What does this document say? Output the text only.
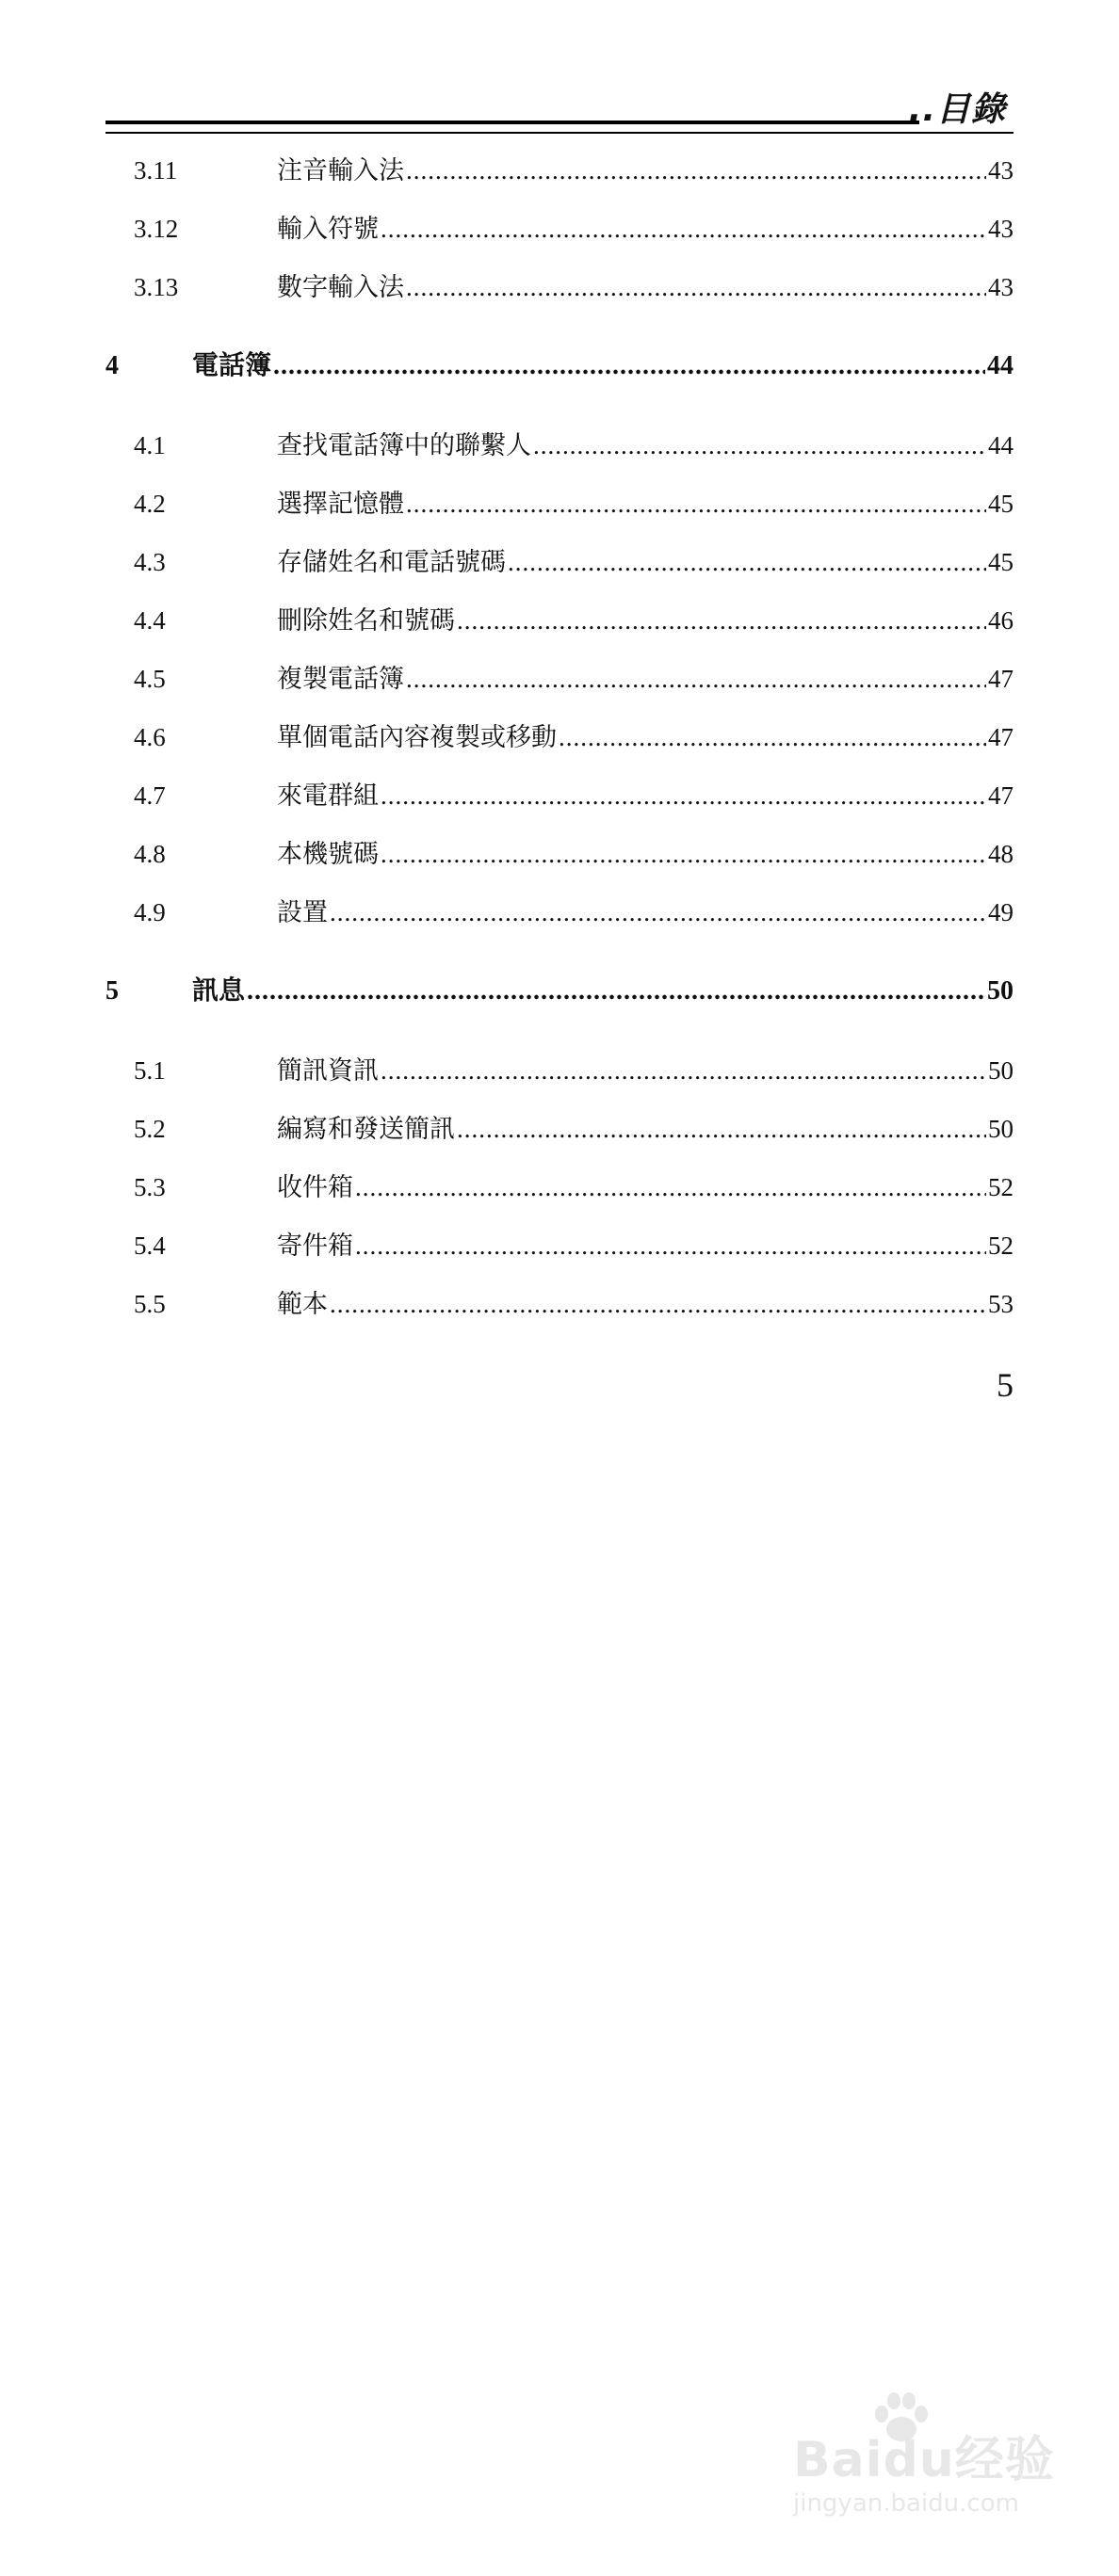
..目錄
3.11	注音輸入法 .....	43
3.12	輸入符號 .....	43
3.13	數字輸入法 .....	43
4	電話簿 .....	44
4.1	查找電話簿中的聯繫人 .....	44
4.2	選擇記憶體 .....	45
4.3	存儲姓名和電話號碼 .....	45
4.4	刪除姓名和號碼 .....	46
4.5	複製電話簿 .....	47
4.6	單個電話內容複製或移動 .....	47
4.7	來電群組 .....	47
4.8	本機號碼 .....	48
4.9	設置 .....	49
5	訊息 .....	50
5.1	簡訊資訊 .....	50
5.2	編寫和發送簡訊 .....	50
5.3	收件箱 .....	52
5.4	寄件箱 .....	52
5.5	範本 .....	53
5
Baidu经验
jingyan.baidu.com
